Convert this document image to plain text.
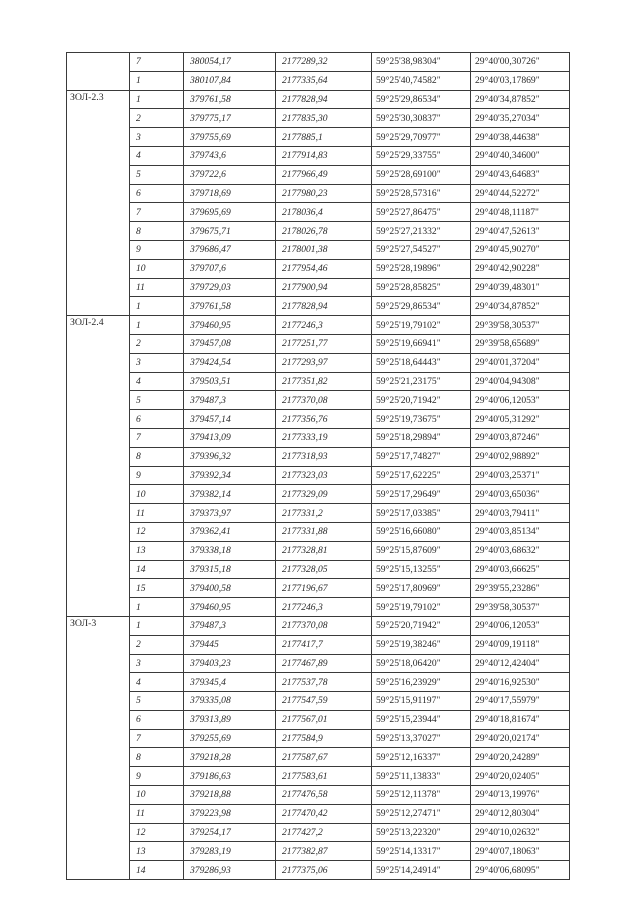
	7	380054,17	2177289,32	59°25'38,98304"	29°40'00,30726"
	1	380107,84	2177335,64	59°25'40,74582"	29°40'03,17869"
ЗОЛ-2.3	1	379761,58	2177828,94	59°25'29,86534"	29°40'34,87852"
	2	379775,17	2177835,30	59°25'30,30837"	29°40'35,27034"
	3	379755,69	2177885,1	59°25'29,70977"	29°40'38,44638"
	4	379743,6	2177914,83	59°25'29,33755"	29°40'40,34600"
	5	379722,6	2177966,49	59°25'28,69100"	29°40'43,64683"
	6	379718,69	2177980,23	59°25'28,57316"	29°40'44,52272"
	7	379695,69	2178036,4	59°25'27,86475"	29°40'48,11187"
	8	379675,71	2178026,78	59°25'27,21332"	29°40'47,52613"
	9	379686,47	2178001,38	59°25'27,54527"	29°40'45,90270"
	10	379707,6	2177954,46	59°25'28,19896"	29°40'42,90228"
	11	379729,03	2177900,94	59°25'28,85825"	29°40'39,48301"
	1	379761,58	2177828,94	59°25'29,86534"	29°40'34,87852"
ЗОЛ-2.4	1	379460,95	2177246,3	59°25'19,79102"	29°39'58,30537"
	2	379457,08	2177251,77	59°25'19,66941"	29°39'58,65689"
	3	379424,54	2177293,97	59°25'18,64443"	29°40'01,37204"
	4	379503,51	2177351,82	59°25'21,23175"	29°40'04,94308"
	5	379487,3	2177370,08	59°25'20,71942"	29°40'06,12053"
	6	379457,14	2177356,76	59°25'19,73675"	29°40'05,31292"
	7	379413,09	2177333,19	59°25'18,29894"	29°40'03,87246"
	8	379396,32	2177318,93	59°25'17,74827"	29°40'02,98892"
	9	379392,34	2177323,03	59°25'17,62225"	29°40'03,25371"
	10	379382,14	2177329,09	59°25'17,29649"	29°40'03,65036"
	11	379373,97	2177331,2	59°25'17,03385"	29°40'03,79411"
	12	379362,41	2177331,88	59°25'16,66080"	29°40'03,85134"
	13	379338,18	2177328,81	59°25'15,87609"	29°40'03,68632"
	14	379315,18	2177328,05	59°25'15,13255"	29°40'03,66625"
	15	379400,58	2177196,67	59°25'17,80969"	29°39'55,23286"
	1	379460,95	2177246,3	59°25'19,79102"	29°39'58,30537"
ЗОЛ-3	1	379487,3	2177370,08	59°25'20,71942"	29°40'06,12053"
	2	379445	2177417,7	59°25'19,38246"	29°40'09,19118"
	3	379403,23	2177467,89	59°25'18,06420"	29°40'12,42404"
	4	379345,4	2177537,78	59°25'16,23929"	29°40'16,92530"
	5	379335,08	2177547,59	59°25'15,91197"	29°40'17,55979"
	6	379313,89	2177567,01	59°25'15,23944"	29°40'18,81674"
	7	379255,69	2177584,9	59°25'13,37027"	29°40'20,02174"
	8	379218,28	2177587,67	59°25'12,16337"	29°40'20,24289"
	9	379186,63	2177583,61	59°25'11,13833"	29°40'20,02405"
	10	379218,88	2177476,58	59°25'12,11378"	29°40'13,19976"
	11	379223,98	2177470,42	59°25'12,27471"	29°40'12,80304"
	12	379254,17	2177427,2	59°25'13,22320"	29°40'10,02632"
	13	379283,19	2177382,87	59°25'14,13317"	29°40'07,18063"
	14	379286,93	2177375,06	59°25'14,24914"	29°40'06,68095"
